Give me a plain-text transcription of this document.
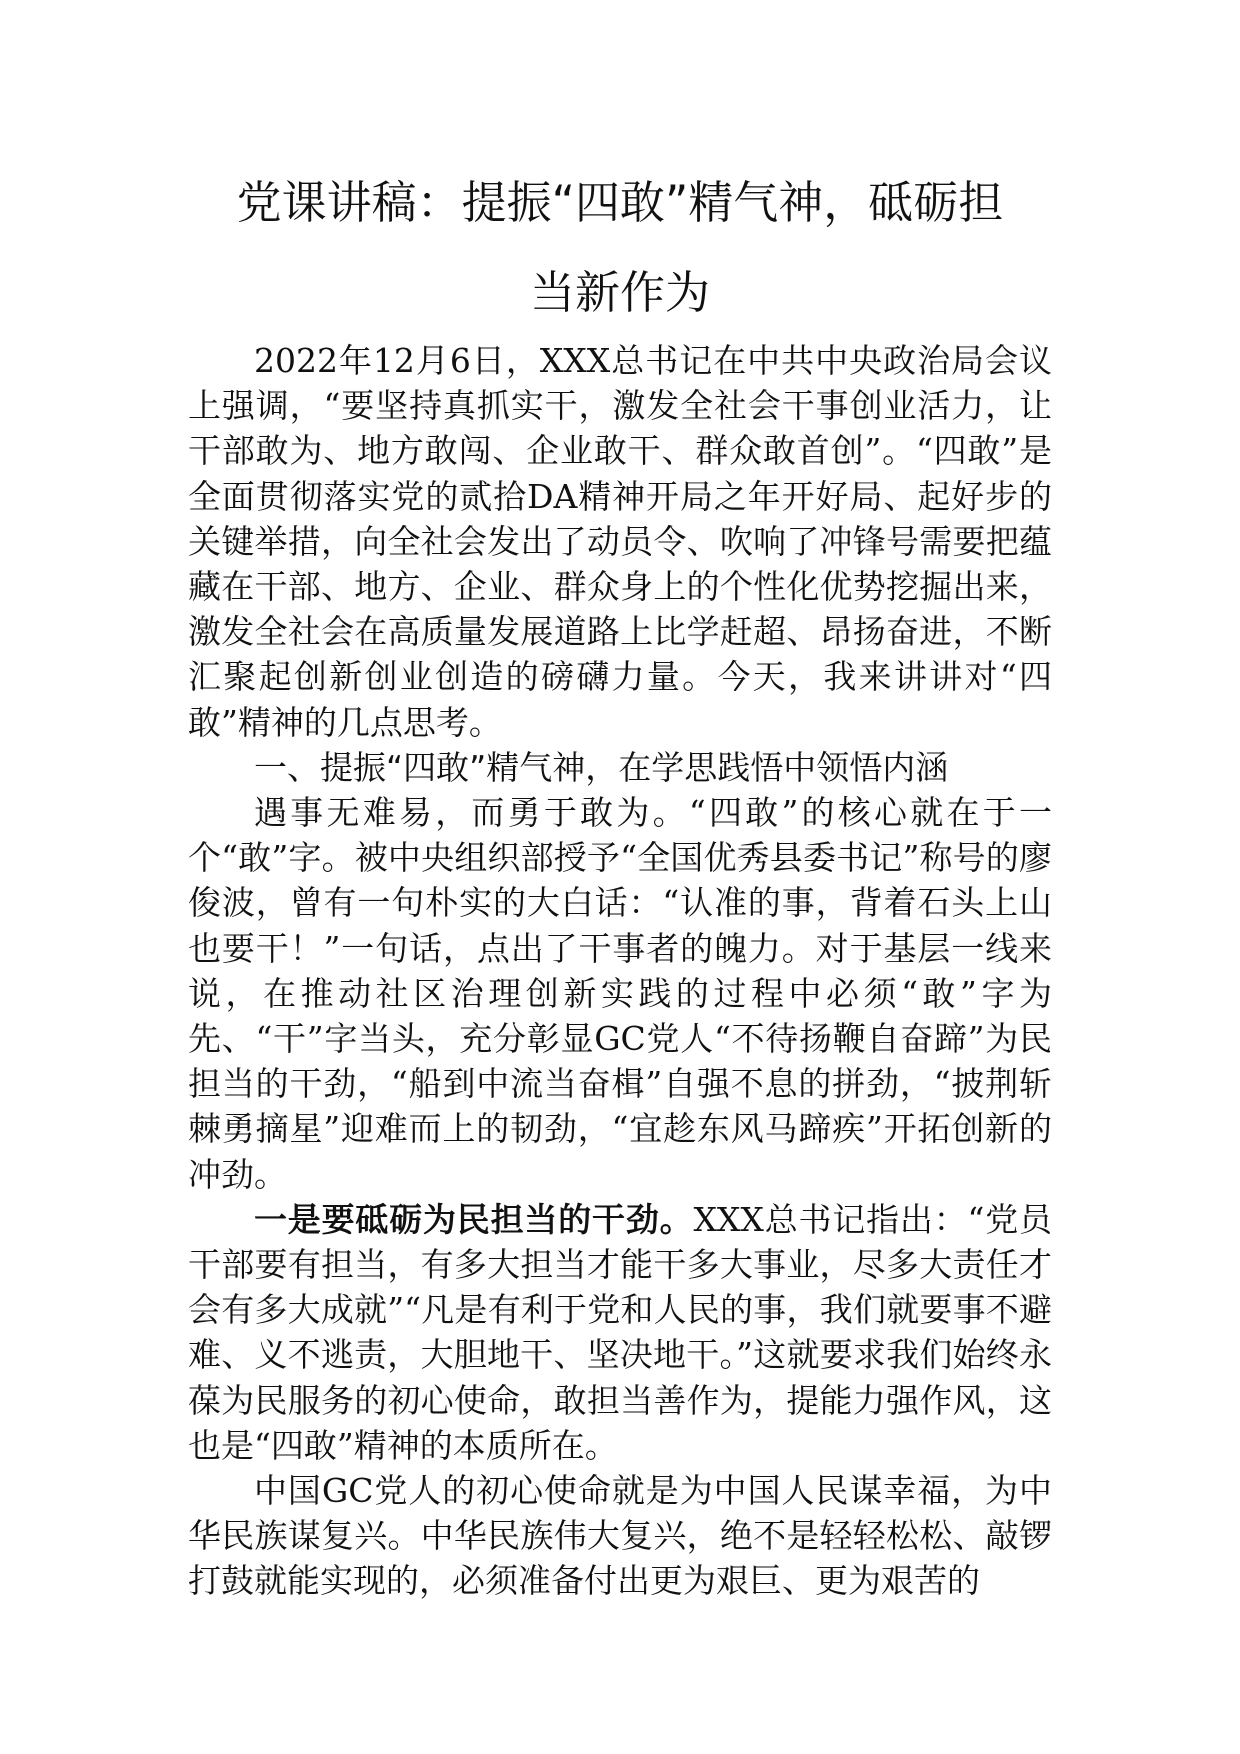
党课讲稿：提振“四敢”精气神，砥砺担
当新作为

2022年12月6日，XXX总书记在中共中央政治局会议上强调，“要坚持真抓实干，激发全社会干事创业活力，让干部敢为、地方敢闯、企业敢干、群众敢首创”。“四敢”是全面贯彻落实党的贰拾DA精神开局之年开好局、起好步的关键举措，向全社会发出了动员令、吹响了冲锋号需要把蕴藏在干部、地方、企业、群众身上的个性化优势挖掘出来，激发全社会在高质量发展道路上比学赶超、昂扬奋进，不断汇聚起创新创业创造的磅礴力量。今天，我来讲讲对“四敢”精神的几点思考。

一、提振“四敢”精气神，在学思践悟中领悟内涵

遇事无难易，而勇于敢为。“四敢”的核心就在于一个“敢”字。被中央组织部授予“全国优秀县委书记”称号的廖俊波，曾有一句朴实的大白话：“认准的事，背着石头上山也要干！”一句话，点出了干事者的魄力。对于基层一线来说，在推动社区治理创新实践的过程中必须“敢”字为先、“干”字当头，充分彰显GC党人“不待扬鞭自奋蹄”为民担当的干劲，“船到中流当奋楫”自强不息的拼劲，“披荆斩棘勇摘星”迎难而上的韧劲，“宜趁东风马蹄疾”开拓创新的冲劲。

一是要砥砺为民担当的干劲。XXX总书记指出：“党员干部要有担当，有多大担当才能干多大事业，尽多大责任才会有多大成就”“凡是有利于党和人民的事，我们就要事不避难、义不逃责，大胆地干、坚决地干。”这就要求我们始终永葆为民服务的初心使命，敢担当善作为，提能力强作风，这也是“四敢”精神的本质所在。

中国GC党人的初心使命就是为中国人民谋幸福，为中华民族谋复兴。中华民族伟大复兴，绝不是轻轻松松、敲锣打鼓就能实现的，必须准备付出更为艰巨、更为艰苦的
